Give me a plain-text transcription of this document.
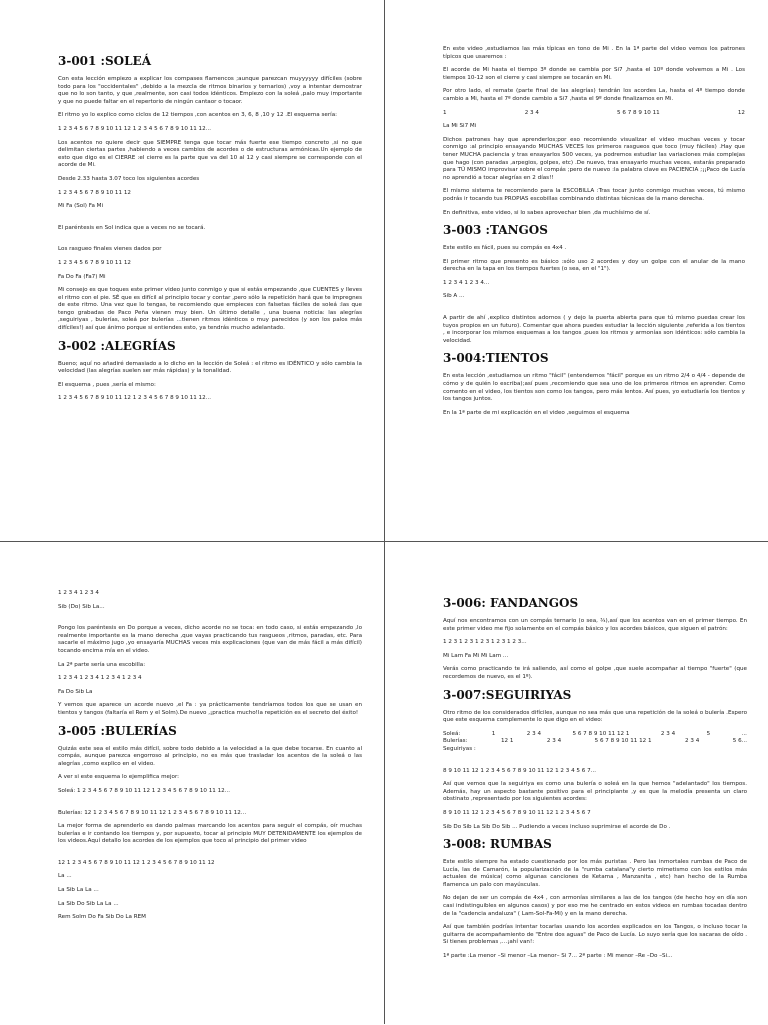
3-001 :SOLEÁ

Con esta lección empiezo a explicar los compases flamencos ;aunque parezcan muyyyyyy difíciles (sobre todo para los "occidentales" ,debido a la mezcla de ritmos binarios y ternarios) ,voy a intentar demostrar que no lo son tanto, y que ,realmente, son casi todos idénticos. Empiezo con la soleá ,palo muy importante y que no puede faltar en el repertorio de ningún cantaor o tocaor.

El ritmo yo lo explico como ciclos de 12 tiempos ,con acentos en 3, 6, 8 ,10 y 12 .El esquema sería:

1 2 3 4 5 6 7 8 9 10 11 12 1 2 3 4 5 6 7 8 9 10 11 12...

Los acentos no quiere decir que SIEMPRE tenga que tocar más fuerte ese tiempo concreto ,si no que delimitan ciertas partes ,habiendo a veces cambios de acordes o de estructuras armónicas.Un ejemplo de esto que digo es el CIERRE :el cierre es la parte que va del 10 al 12 y casi siempre se corresponde con el acorde de Mi.

Desde 2.33 hasta 3.07 toco los siguientes acordes

1 2 3 4 5 6 7 8 9 10 11 12

Mi Fa (Sol) Fa Mi

El paréntesis en Sol indica que a veces no se tocará.

Los rasgueo finales vienes dados por

1 2 3 4 5 6 7 8 9 10 11 12

Fa Do Fa (Fa7) Mi

Mi consejo es que toques este primer video junto conmigo y que si estás empezando ,que CUENTES y lleves el ritmo con el pie. SÉ que es difícil al principio tocar y contar ,pero sólo la repetición hará que te impregnes de este ritmo. Una vez que lo tengas, te recomiendo que empieces con falsetas fáciles de soleá :las que tengo grabadas de Paco Peña vienen muy bien. Un último detalle , una buena noticia: las alegrías ,seguiriyas , bulerías, soleá por bulerías ...tienen ritmos idénticos o muy parecidos (y son los palos más difíciles!) así que ánimo porque si entiendes esto, ya tendrás mucho adelantado.

3-002 :ALEGRÍAS

Bueno; aquí no añadiré demasiado a lo dicho en la lección de Soleá : el ritmo es IDÉNTICO y sólo cambia la velocidad (las alegrías suelen ser más rápidas) y la tonalidad.

El esquema , pues ,sería el mismo:

1 2 3 4 5 6 7 8 9 10 11 12 1 2 3 4 5 6 7 8 9 10 11 12...

En este video ,estudiamos las más típicas en tono de Mi . En la 1ª parte del video vemos los patrones típicos que usaremos :

El acorde de Mi hasta el tiempo 3º donde se cambia por Si7 ,hasta el 10º donde volvemos a Mi . Los tiempos 10-12 son el cierre y casi siempre se tocarán en Mi.

Por otro lado, el remate (parte final de las alegrías) tendrán los acordes La, hasta el 4º tiempo donde cambio a Mi, hasta el 7º donde cambio a Si7 ,hasta el 9º donde finalizamos en Mi.

1	2 3 4	5 6 7 8 9 10 11	12

La Mi Si7 Mi

Dichos patrones hay que aprenderlos;por eso recomiendo visualizar el video muchas veces y tocar conmigo :al principio ensayando MUCHAS VECES los primeros rasgueos que toco (muy fáciles) .Hay que tener MUCHA paciencia y tras ensayarlos 500 veces, ya podremos estudiar las variaciones más complejas que hago (con paradas ,arpegios, golpes, etc) .De nuevo, tras ensayarlo muchas veces, estarás preparado para TÚ MISMO improvisar sobre el compás ;pero de nuevo :la palabra clave es PACIENCIA ;¡¡Paco de Lucía no aprendió a tocar alegrías en 2 días!!

El mismo sistema te recomiendo para la ESCOBILLA :Tras tocar junto conmigo muchas veces, tú mismo podrás ir tocando tus PROPIAS escobillas combinando distintas técnicas de la mano derecha.

En definitiva, este video, si lo sabes aprovechar bien ,da muchísimo de sí.

3-003 :TANGOS

Este estilo es fácil, pues su compás es 4x4 .

El primer ritmo que presento es básico :sólo uso 2 acordes y doy un golpe con el anular de la mano derecha en la tapa en los tiempos fuertes (o sea, en el "1").

1 2 3 4 1 2 3 4...

Sib A ...

A partir de ahí ,explico distintos adornos ( y dejo la puerta abierta para que tú mismo puedas crear los tuyos propios en un futuro). Comentar que ahora puedes estudiar la lección siguiente ,referida a los tientos , e incorporar los mismos esquemas a los tangos ,pues los ritmos y armonías son idénticos: sólo cambia la velocidad.

3-004:TIENTOS

En esta lección ,estudiamos un ritmo "fácil" (entendemos "fácil" porque es un ritmo 2/4 o 4/4 - depende de cómo y de quién lo escriba);así pues ,recomiendo que sea uno de los primeros ritmos en aprender. Como comento en el video, los tientos son como los tangos, pero más lentos. Así pues, yo estudiaría los tientos y los tangos juntos.

En la 1ª parte de mi explicación en el video ,seguimos el esquema

1 2 3 4 1 2 3 4

Sib (Do) Sib La...

Pongo los paréntesis en Do porque a veces, dicho acorde no se toca: en todo caso, si estás empezando ,lo realmente importante es la mano derecha ,que vayas practicando tus rasgueos ,ritmos, paradas, etc. Para sacarle el máximo jugo ,yo ensayaría MUCHAS veces mis explicaciones (que van de más fácil a más difícil) tocando encima mía en el video.

La 2ª parte sería una escobilla:

1 2 3 4 1 2 3 4 1 2 3 4 1 2 3 4

Fa Do Sib La

Y vemos que aparece un acorde nuevo ,el Fa : ya prácticamente tendríamos todos los que se usan en tientos y tangos (faltaría el Rem y el Solm).De nuevo ,¡practica mucho!la repetición es el secreto del éxito!

3-005 :BULERÍAS

Quizás este sea el estilo más difícil, sobre todo debido a la velocidad a la que debe tocarse. En cuanto al compás, aunque parezca engorroso al principio, no es más que trasladar los acentos de la soleá o las alegrías ,como explico en el video.

A ver si este esquema lo ejemplifica mejor:

Soleá: 1 2 3 4 5 6 7 8 9 10 11 12 1 2 3 4 5 6 7 8 9 10 11 12...

Bulerías: 12 1 2 3 4 5 6 7 8 9 10 11 12 1 2 3 4 5 6 7 8 9 10 11 12...

La mejor forma de aprenderlo es dando palmas marcando los acentos para seguir el compás, oír muchas bulerías e ir contando los tiempos y, por supuesto, tocar al principio MUY DETENIDAMENTE los ejemplos de los videos.Aquí detallo los acordes de los ejemplos que toco al principio del primer video

12 1 2 3 4 5 6 7 8 9 10 11 12 1 2 3 4 5 6 7 8 9 10 11 12

La ...

La Sib La La ...

La Sib Do Sib La La ...

Rem Solm Do Fa Sib Do La REM

3-006: FANDANGOS

Aquí nos encontramos con un compás ternario (o sea, ¾),así que los acentos van en el primer tiempo. En este primer video me fijo solamente en el compás básico y los acordes básicos, que siguen el patrón:

1 2 3 1 2 3 1 2 3 1 2 3 1 2 3...

Mi Lam Fa Mi Mi Lam ...

Verás como practicando te irá saliendo, así como el golpe ,que suele acompañar al tiempo "fuerte" (que recordemos de nuevo, es el 1º).

3-007:SEGUIRIYAS

Otro ritmo de los considerados difíciles, aunque no sea más que una repetición de la soleá o bulería .Espero que este esquema complemente lo que digo en el video:

Soleá:	1	2 3 4	5 6 7 8 9 10 11 12 1	2 3 4	5	...
Bulerías:	12 1	2 3 4	5 6 7 8 9 10 11 12 1	2 3 4	5 6...

Seguiriyas :

8 9 10 11 12 1 2 3 4 5 6 7 8 9 10 11 12 1 2 3 4 5 6 7...

Así que vemos que la seguiriya es como una bulería o soleá en la que hemos "adelantado" los tiempos. Además, hay un aspecto bastante positivo para el principiante ,y es que la melodía presenta un claro obstinato ,representado por los siguientes acordes:

8 9 10 11 12 1 2 3 4 5 6 7 8 9 10 11 12 1 2 3 4 5 6 7

Sib Do Sib La Sib Do Sib ... Pudiendo a veces incluso suprimirse el acorde de Do .

3-008: RUMBAS

Este estilo siempre ha estado cuestionado por los más puristas . Pero las inmortales rumbas de Paco de Lucía, las de Camarón, la popularización de la "rumba catalana"y cierto mimetismo con los estilos más actuales de música( como algunas canciones de Ketama , Manzanita , etc) han hecho de la Rumba flamenca un palo con mayúsculas.

No dejan de ser un compás de 4x4 , con armonías similares a las de los tangos (de hecho hoy en día son casi indistinguibles en algunos casos) y por eso me he centrado en estos videos en rumbas tocadas dentro de la "cadencia andaluza" ( Lam-Sol-Fa-Mi) y en la mano derecha.

Así que también podrías intentar tocarlas usando los acordes explicados en los Tangos, o incluso tocar la guitarra de acompañamiento de "Entre dos aguas" de Paco de Lucía. Lo suyo sería que los sacaras de oído . Si tienes problemas ,...¡ahí van!:

1ª parte :La menor –Si menor –La menor– Si 7... 2ª parte : Mi menor –Re –Do –Si...
